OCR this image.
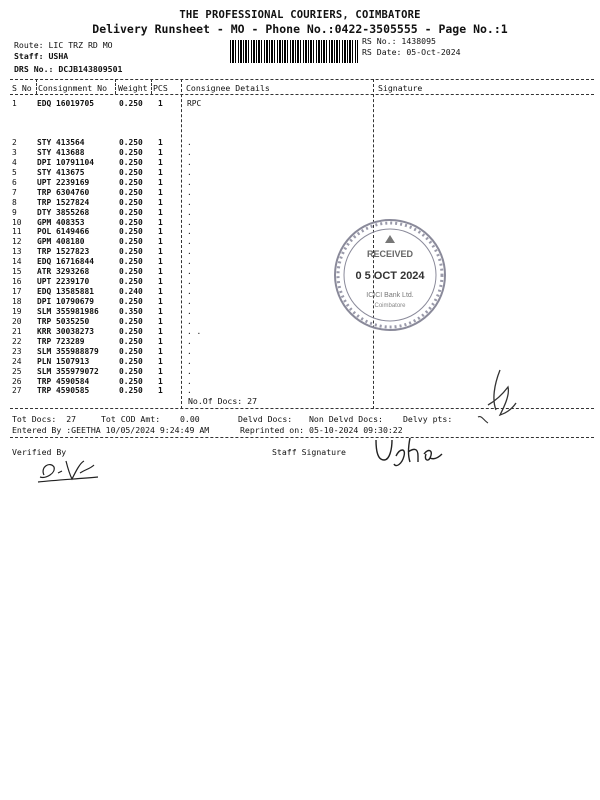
THE PROFESSIONAL COURIERS, COIMBATORE
Delivery Runsheet - MO - Phone No.:0422-3505555 - Page No.:1
Route: LIC TRZ RD MO
Staff: USHA
DRS No.: DCJB143809501
RS No.: 1438095
RS Date: 05-Oct-2024
S No Consignment No Weight PCS Consignee Details	Signature
1	EDQ 16019705	0.250 1	RPC
2	STY 413564	0.250 1	.
3	STY 413688	0.250 1	.
4	DPI 10791104	0.250 1	.
5	STY 413675	0.250 1	.
6	UPT 2239169	0.250 1	.
7	TRP 6304760	0.250 1	.
8	TRP 1527824	0.250 1	.
9	DTY 3855268	0.250 1	.
10 GPM 408353	0.250 1	.
11 POL 6149466	0.250 1	.
12 GPM 408180	0.250 1	.
13 TRP 1527823	0.250 1	.
14 EDQ 16716844	0.250 1	.
15 ATR 3293268	0.250 1	.
16 UPT 2239170	0.250 1	.
17 EDQ 13585881	0.240 1	.
18 DPI 10790679	0.250 1	.
19 SLM 355981986	0.350 1	.
20 TRP 5035250	0.250 1	.
21 KRR 30038273	0.250 1	. .
22 TRP 723289	0.250 1	.
23 SLM 355988879	0.250 1	.
24 PLN 1507913	0.250 1	.
25 SLM 355979072	0.250 1	.
26 TRP 4590584	0.250 1	.
27 TRP 4590585	0.250 1	.
No.Of Docs: 27
RECEIVED
0 5 OCT 2024
ICICI Bank Ltd.
Coimbatore
Tot Docs:  27	Tot COD Amt: 0.00	Delvd Docs: Non Delvd Docs: Delvy pts:
Entered By :GEETHA 10/05/2024 9:24:49 AM	Reprinted on: 05-10-2024 09:30:22
Verified By	Staff Signature
